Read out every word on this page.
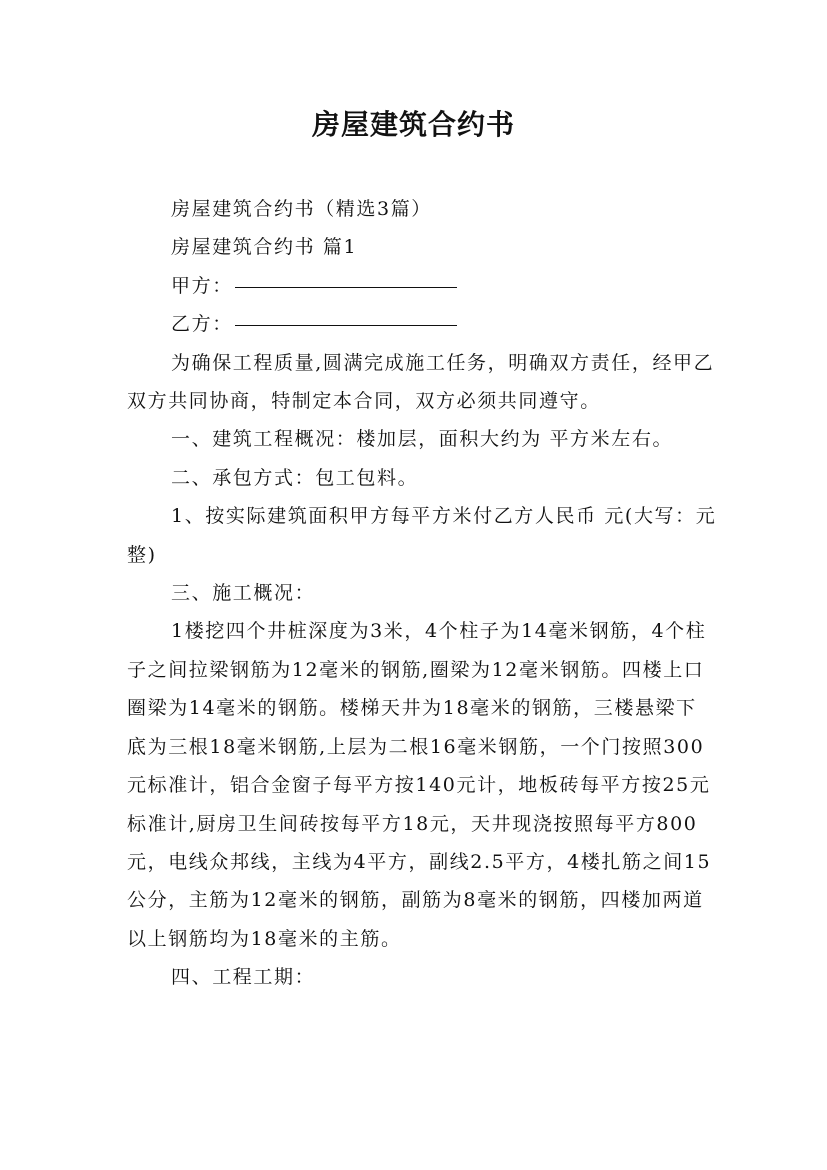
房屋建筑合约书

房屋建筑合约书（精选3篇）

房屋建筑合约书 篇1

甲方：

乙方：

为确保工程质量,圆满完成施工任务，明确双方责任，经甲乙双方共同协商，特制定本合同，双方必须共同遵守。

一、建筑工程概况：楼加层，面积大约为 平方米左右。

二、承包方式：包工包料。

1、按实际建筑面积甲方每平方米付乙方人民币 元(大写：元整)

三、施工概况：

1楼挖四个井桩深度为3米，4个柱子为14毫米钢筋，4个柱子之间拉梁钢筋为12毫米的钢筋,圈梁为12毫米钢筋。四楼上口圈梁为14毫米的钢筋。楼梯天井为18毫米的钢筋，三楼悬梁下底为三根18毫米钢筋,上层为二根16毫米钢筋，一个门按照300元标准计，铝合金窗子每平方按140元计，地板砖每平方按25元标准计,厨房卫生间砖按每平方18元，天井现浇按照每平方800元，电线众邦线，主线为4平方，副线2.5平方，4楼扎筋之间15公分，主筋为12毫米的钢筋，副筋为8毫米的钢筋，四楼加两道以上钢筋均为18毫米的主筋。

四、工程工期：
